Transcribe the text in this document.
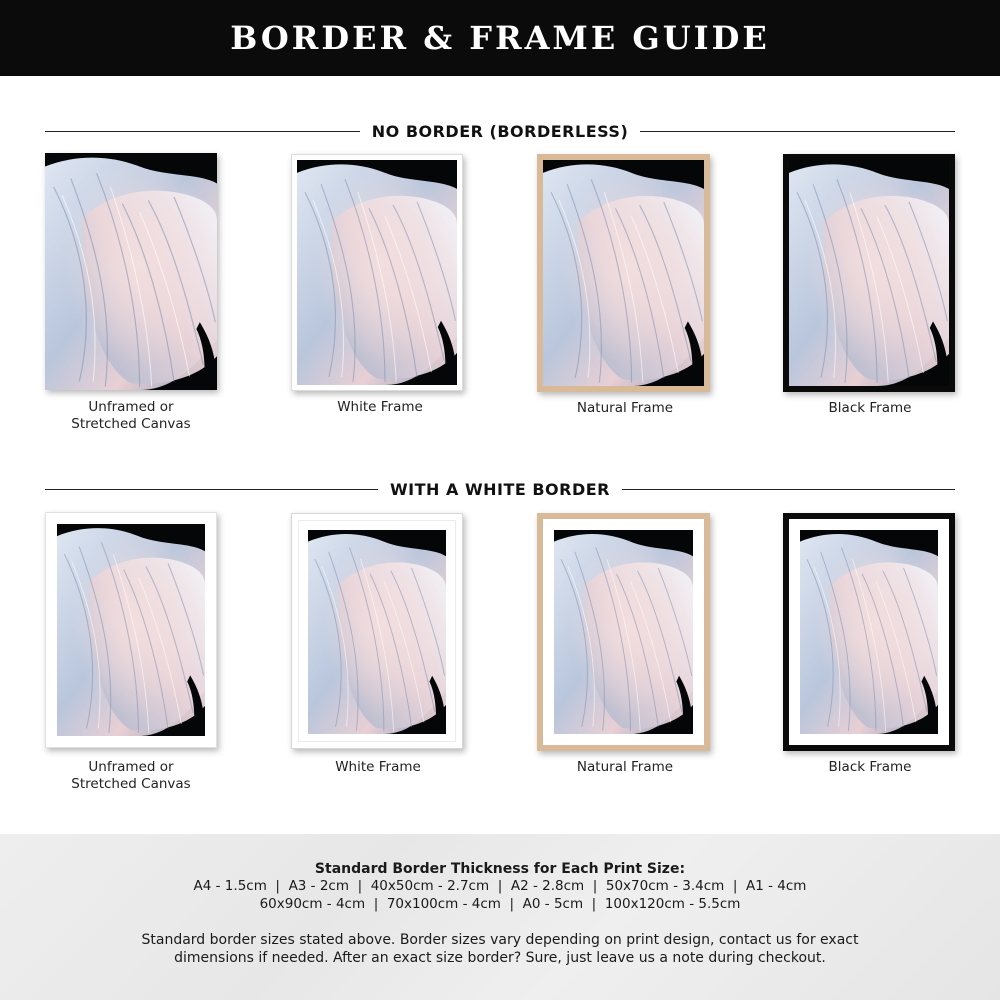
BORDER & FRAME GUIDE
NO BORDER (BORDERLESS)
Unframed or
Stretched Canvas
White Frame	Natural Frame	Black Frame
WITH A WHITE BORDER
Unframed or
Stretched Canvas
White Frame	Natural Frame	Black Frame
Standard Border Thickness for Each Print Size:
A4 - 1.5cm  |  A3 - 2cm  |  40x50cm - 2.7cm  |  A2 - 2.8cm  |  50x70cm - 3.4cm  |  A1 - 4cm
60x90cm - 4cm  |  70x100cm - 4cm  |  A0 - 5cm  |  100x120cm - 5.5cm
Standard border sizes stated above. Border sizes vary depending on print design, contact us for exact dimensions if needed. After an exact size border? Sure, just leave us a note during checkout.
